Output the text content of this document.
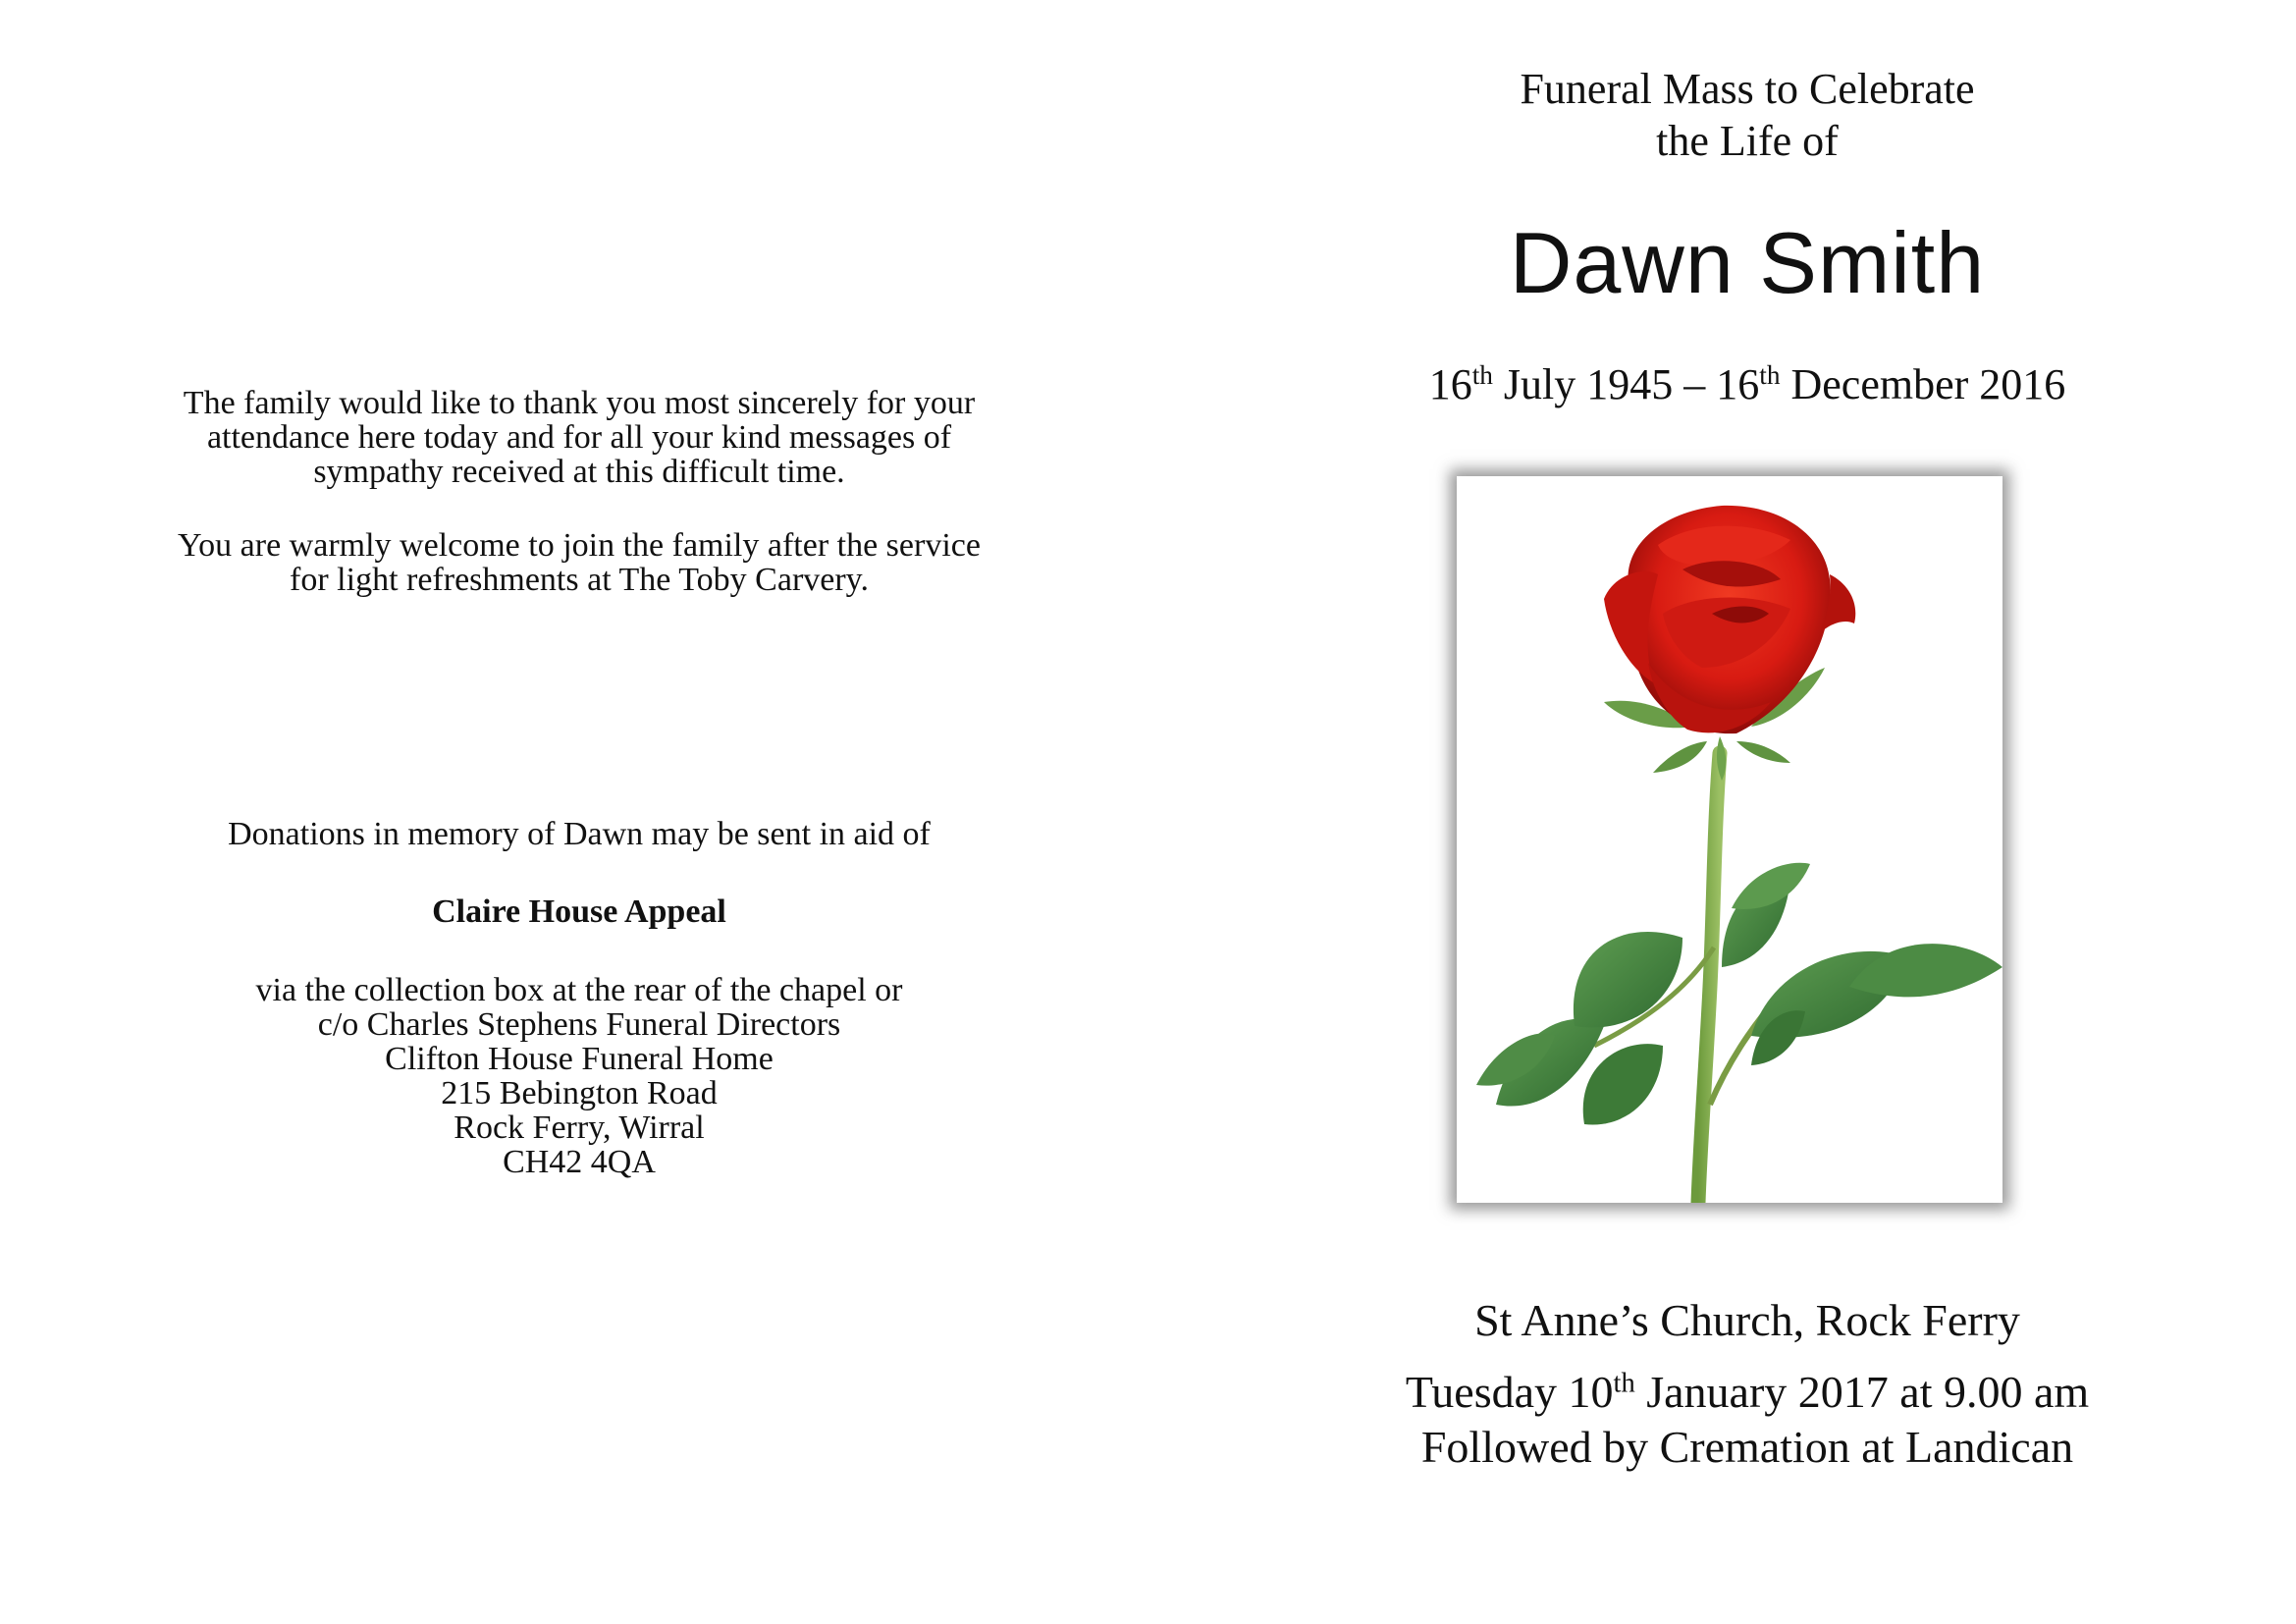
The family would like to thank you most sincerely for your
attendance here today and for all your kind messages of
sympathy received at this difficult time.
You are warmly welcome to join the family after the service
for light refreshments at The Toby Carvery.
Donations in memory of Dawn may be sent in aid of
Claire House Appeal
via the collection box at the rear of the chapel or
c/o Charles Stephens Funeral Directors
Clifton House Funeral Home
215 Bebington Road
Rock Ferry, Wirral
CH42 4QA
Funeral Mass to Celebrate
the Life of
Dawn Smith
16th July 1945 – 16th December 2016
St Anne’s Church, Rock Ferry
Tuesday 10th January 2017 at 9.00 am
Followed by Cremation at Landican
